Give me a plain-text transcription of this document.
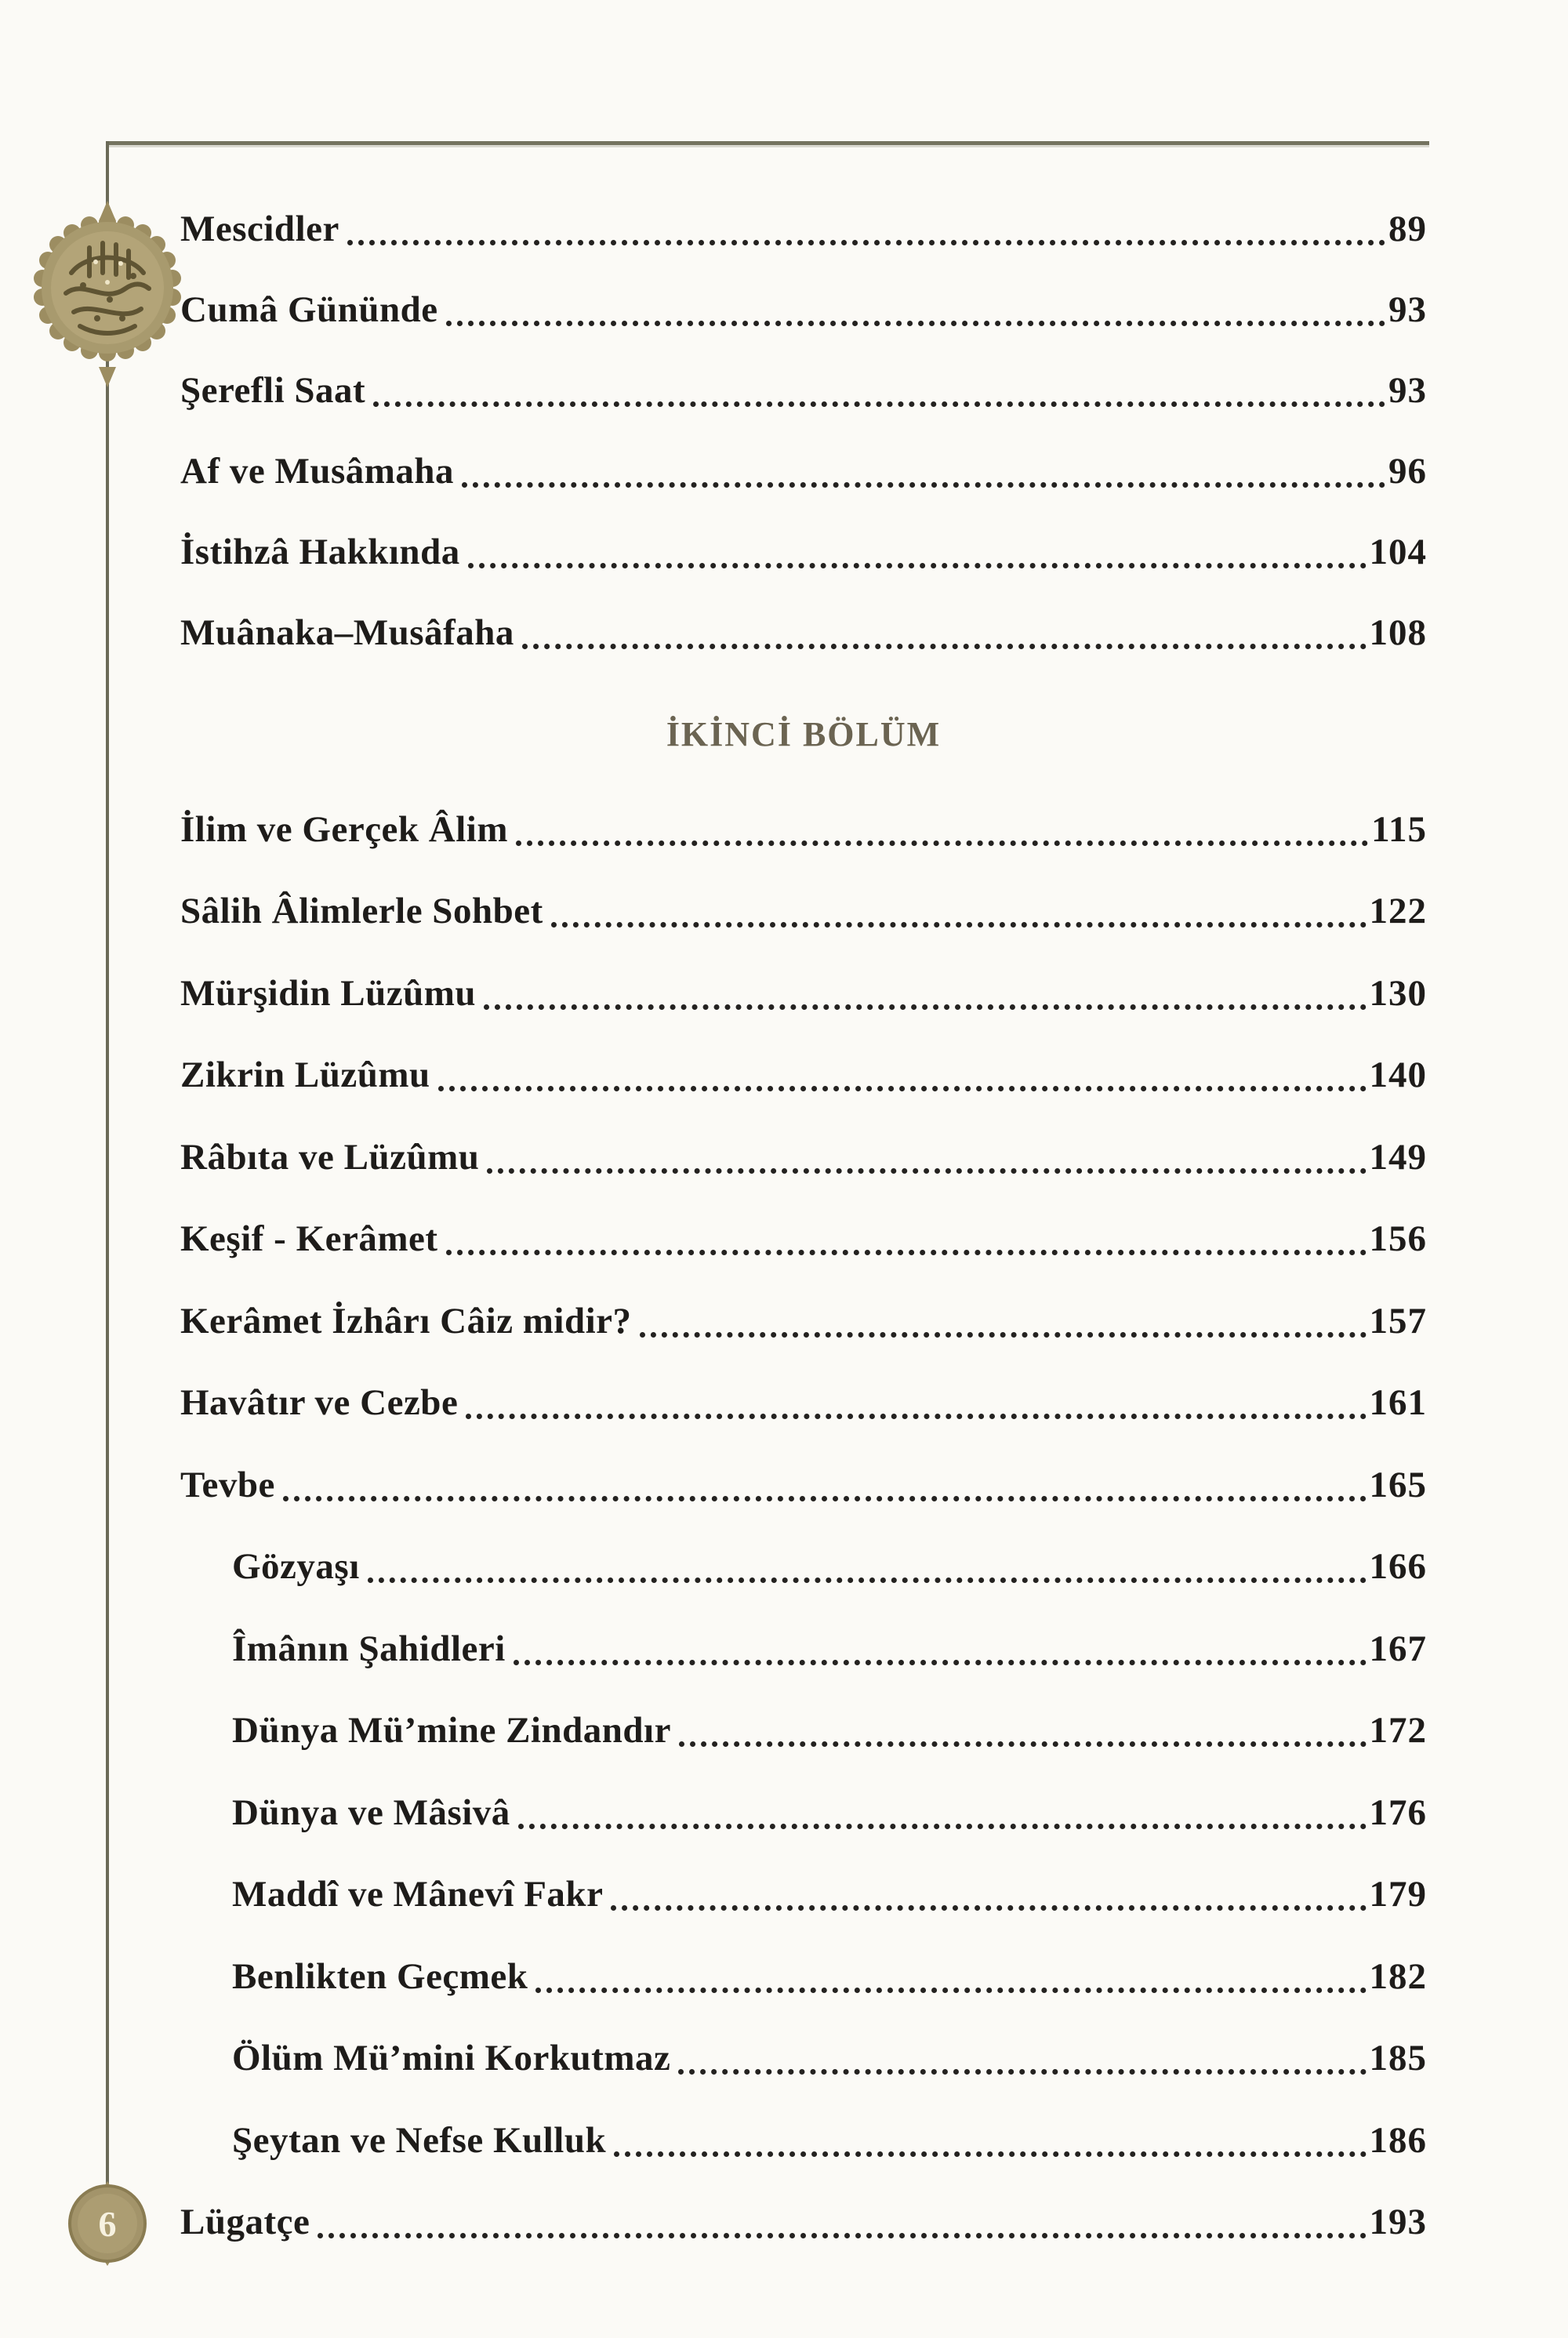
Mescidler	89
Cumâ Gününde	93
Şerefli Saat	93
Af ve Musâmaha	96
İstihzâ Hakkında	104
Muânaka–Musâfaha	108
İKİNCİ BÖLÜM
İlim ve Gerçek Âlim	115
Sâlih Âlimlerle Sohbet	122
Mürşidin Lüzûmu	130
Zikrin Lüzûmu	140
Râbıta ve Lüzûmu	149
Keşif - Kerâmet	156
Kerâmet İzhârı Câiz midir?	157
Havâtır ve Cezbe	161
Tevbe	165
Gözyaşı	166
Îmânın Şahidleri	167
Dünya Mü’mine Zindandır	172
Dünya ve Mâsivâ	176
Maddî ve Mânevî Fakr	179
Benlikten Geçmek	182
Ölüm Mü’mini Korkutmaz	185
Şeytan ve Nefse Kulluk	186
Lügatçe	193
6
